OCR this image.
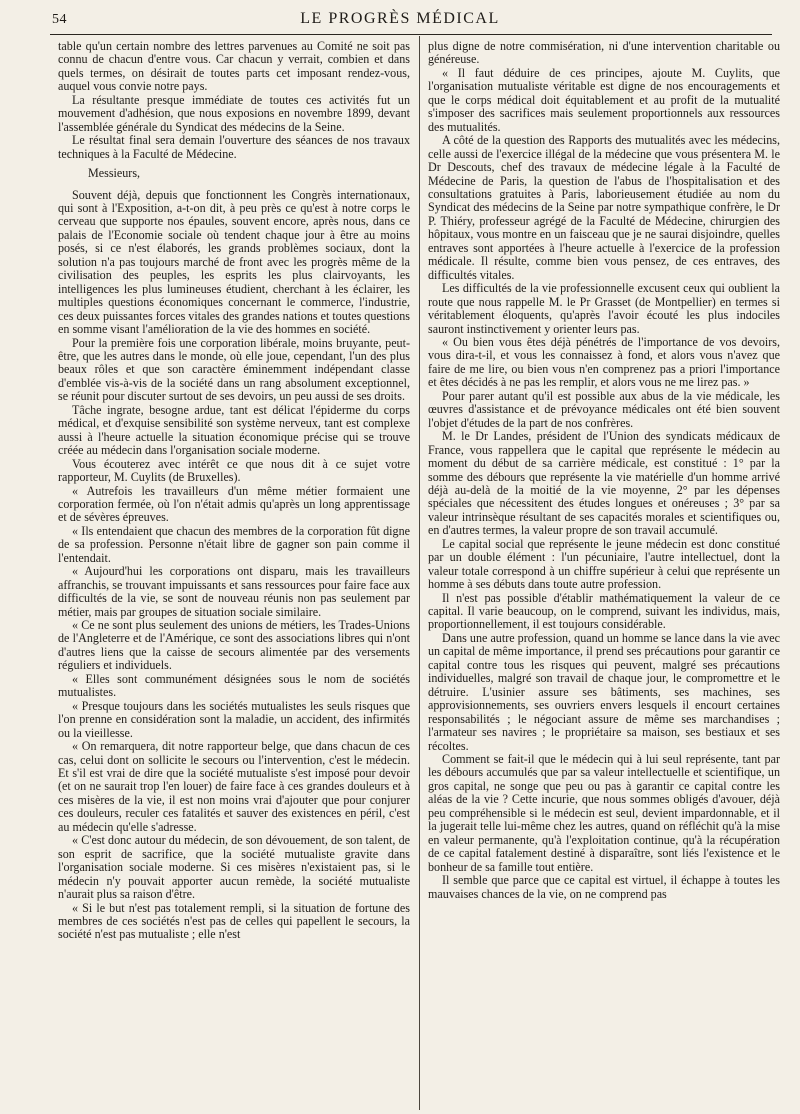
54	LE PROGRÈS MÉDICAL

table qu'un certain nombre des lettres parvenues au Comité ne soit pas connu de chacun d'entre vous. Car chacun y verrait, combien et dans quels termes, on désirait de toutes parts cet imposant rendez-vous, auquel vous convie notre pays.

La résultante presque immédiate de toutes ces activités fut un mouvement d'adhésion, que nous exposions en novembre 1899, devant l'assemblée générale du Syndicat des médecins de la Seine.

Le résultat final sera demain l'ouverture des séances de nos travaux techniques à la Faculté de Médecine.

Messieurs,

Souvent déjà, depuis que fonctionnent les Congrès internationaux, qui sont à l'Exposition, a-t-on dit, à peu près ce qu'est à notre corps le cerveau que supporte nos épaules, souvent encore, après nous, dans ce palais de l'Economie sociale où tendent chaque jour à être au moins posés, si ce n'est élaborés, les grands problèmes sociaux, dont la solution n'a pas toujours marché de front avec les progrès même de la civilisation des peuples, les esprits les plus clairvoyants, les intelligences les plus lumineuses étudient, cherchant à les éclairer, les multiples questions économiques concernant le commerce, l'industrie, ces deux puissantes forces vitales des grandes nations et toutes questions en somme visant l'amélioration de la vie des hommes en société.

Pour la première fois une corporation libérale, moins bruyante, peut-être, que les autres dans le monde, où elle joue, cependant, l'un des plus beaux rôles et que son caractère éminemment indépendant classe d'emblée vis-à-vis de la société dans un rang absolument exceptionnel, se réunit pour discuter surtout de ses devoirs, un peu aussi de ses droits.

Tâche ingrate, besogne ardue, tant est délicat l'épiderme du corps médical, et d'exquise sensibilité son système nerveux, tant est complexe aussi à l'heure actuelle la situation économique précise qui se trouve créée au médecin dans l'organisation sociale moderne.

Vous écouterez avec intérêt ce que nous dit à ce sujet votre rapporteur, M. Cuylits (de Bruxelles).

« Autrefois les travailleurs d'un même métier formaient une corporation fermée, où l'on n'était admis qu'après un long apprentissage et de sévères épreuves.

« Ils entendaient que chacun des membres de la corporation fût digne de sa profession. Personne n'était libre de gagner son pain comme il l'entendait.

« Aujourd'hui les corporations ont disparu, mais les travailleurs affranchis, se trouvant impuissants et sans ressources pour faire face aux difficultés de la vie, se sont de nouveau réunis non pas seulement par métier, mais par groupes de situation sociale similaire.

« Ce ne sont plus seulement des unions de métiers, les Trades-Unions de l'Angleterre et de l'Amérique, ce sont des associations libres qui n'ont d'autres liens que la caisse de secours alimentée par des versements réguliers et individuels.

« Elles sont communément désignées sous le nom de sociétés mutualistes.

« Presque toujours dans les sociétés mutualistes les seuls risques que l'on prenne en considération sont la maladie, un accident, des infirmités ou la vieillesse.

« On remarquera, dit notre rapporteur belge, que dans chacun de ces cas, celui dont on sollicite le secours ou l'intervention, c'est le médecin. Et s'il est vrai de dire que la société mutualiste s'est imposé pour devoir (et on ne saurait trop l'en louer) de faire face à ces grandes douleurs et à ces misères de la vie, il est non moins vrai d'ajouter que pour conjurer ces douleurs, reculer ces fatalités et sauver des existences en péril, c'est au médecin qu'elle s'adresse.

« C'est donc autour du médecin, de son dévouement, de son talent, de son esprit de sacrifice, que la société mutualiste gravite dans l'organisation sociale moderne. Si ces misères n'existaient pas, si le médecin n'y pouvait apporter aucun remède, la société mutualiste n'aurait plus sa raison d'être.

« Si le but n'est pas totalement rempli, si la situation de fortune des membres de ces sociétés n'est pas de celles qui papellent le secours, la société n'est pas mutualiste ; elle n'est

plus digne de notre commisération, ni d'une intervention charitable ou généreuse.

« Il faut déduire de ces principes, ajoute M. Cuylits, que l'organisation mutualiste véritable est digne de nos encouragements et que le corps médical doit équitablement et au profit de la mutualité s'imposer des sacrifices mais seulement proportionnels aux ressources des mutualités.

A côté de la question des Rapports des mutualités avec les médecins, celle aussi de l'exercice illégal de la médecine que vous présentera M. le Dr Descouts, chef des travaux de médecine légale à la Faculté de Médecine de Paris, la question de l'abus de l'hospitalisation et des consultations gratuites à Paris, laborieusement étudiée au nom du Syndicat des médecins de la Seine par notre sympathique confrère, le Dr P. Thiéry, professeur agrégé de la Faculté de Médecine, chirurgien des hôpitaux, vous montre en un faisceau que je ne saurai disjoindre, quelles entraves sont apportées à l'heure actuelle à l'exercice de la profession médicale. Il résulte, comme bien vous pensez, de ces entraves, des difficultés vitales.

Les difficultés de la vie professionnelle excusent ceux qui oublient la route que nous rappelle M. le Pr Grasset (de Montpellier) en termes si véritablement éloquents, qu'après l'avoir écouté les plus indociles sauront instinctivement y orienter leurs pas.

« Ou bien vous êtes déjà pénétrés de l'importance de vos devoirs, vous dira-t-il, et vous les connaissez à fond, et alors vous n'avez que faire de me lire, ou bien vous n'en comprenez pas a priori l'importance et êtes décidés à ne pas les remplir, et alors vous ne me lirez pas. »

Pour parer autant qu'il est possible aux abus de la vie médicale, les œuvres d'assistance et de prévoyance médicales ont été bien souvent l'objet d'études de la part de nos confrères.

M. le Dr Landes, président de l'Union des syndicats médicaux de France, vous rappellera que le capital que représente le médecin au moment du début de sa carrière médicale, est constitué : 1° par la somme des débours que représente la vie matérielle d'un homme arrivé déjà au-delà de la moitié de la vie moyenne, 2° par les dépenses spéciales que nécessitent des études longues et onéreuses ; 3° par sa valeur intrinsèque résultant de ses capacités morales et scientifiques ou, en d'autres termes, la valeur propre de son travail accumulé.

Le capital social que représente le jeune médecin est donc constitué par un double élément : l'un pécuniaire, l'autre intellectuel, dont la valeur totale correspond à un chiffre supérieur à celui que représente un homme à ses débuts dans toute autre profession.

Il n'est pas possible d'établir mathématiquement la valeur de ce capital. Il varie beaucoup, on le comprend, suivant les individus, mais, proportionnellement, il est toujours considérable.

Dans une autre profession, quand un homme se lance dans la vie avec un capital de même importance, il prend ses précautions pour garantir ce capital contre tous les risques qui peuvent, malgré ses précautions individuelles, malgré son travail de chaque jour, le compromettre et le détruire. L'usinier assure ses bâtiments, ses machines, ses approvisionnements, ses ouvriers envers lesquels il encourt certaines responsabilités ; le négociant assure de même ses marchandises ; l'armateur ses navires ; le propriétaire sa maison, ses bestiaux et ses récoltes.

Comment se fait-il que le médecin qui à lui seul représente, tant par les débours accumulés que par sa valeur intellectuelle et scientifique, un gros capital, ne songe que peu ou pas à garantir ce capital contre les aléas de la vie ? Cette incurie, que nous sommes obligés d'avouer, déjà peu compréhensible si le médecin est seul, devient impardonnable, et il la jugerait telle lui-même chez les autres, quand on réfléchit qu'à la mise en valeur permanente, qu'à l'exploitation continue, qu'à la récupération de ce capital fatalement destiné à disparaître, sont liés l'existence et le bonheur de sa famille tout entière.

Il semble que parce que ce capital est virtuel, il échappe à toutes les mauvaises chances de la vie, on ne comprend pas
